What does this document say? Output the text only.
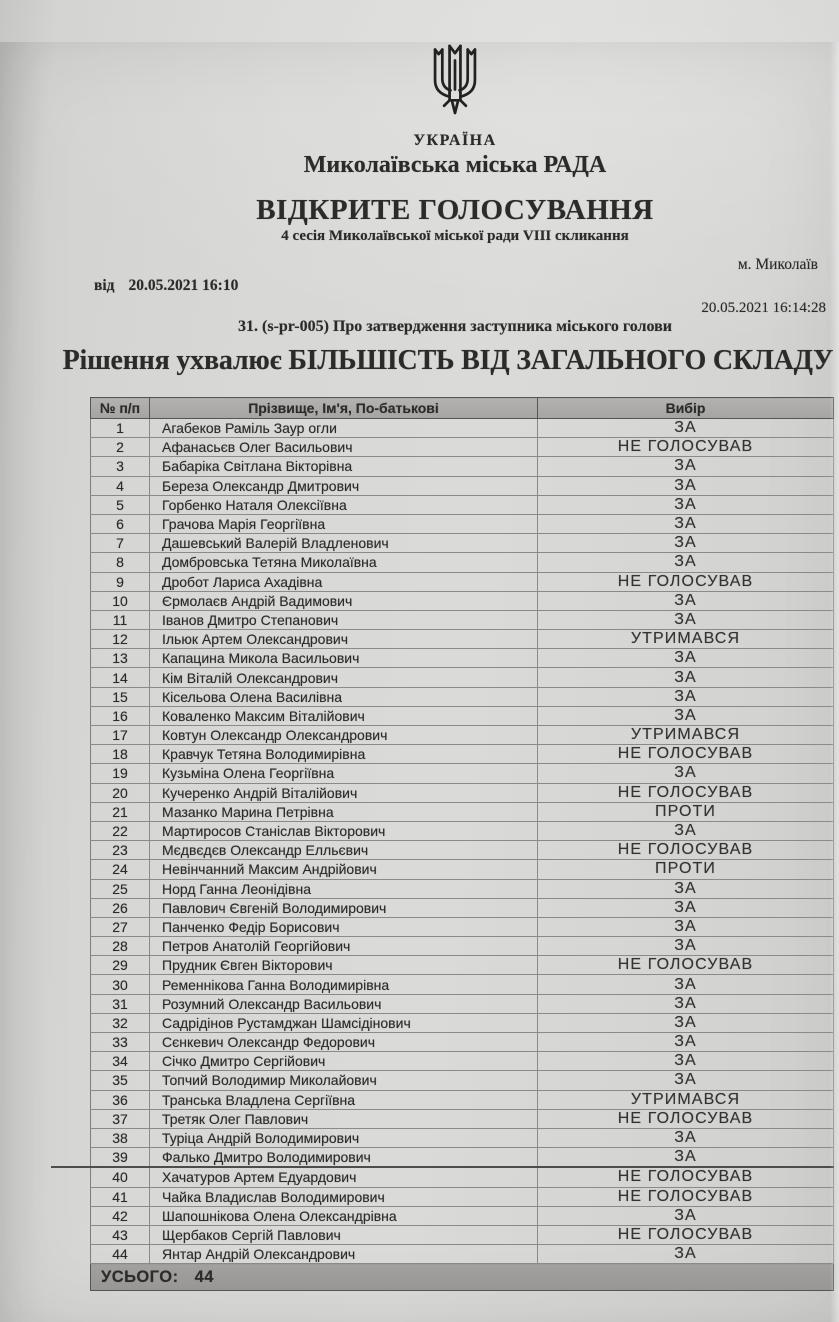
УКРАЇНА
Миколаївська міська РАДА
ВІДКРИТЕ ГОЛОСУВАННЯ
4 сесія Миколаївської міської ради VIII скликання
м. Миколаїв
від 20.05.2021 16:10
20.05.2021 16:14:28
31. (s-pr-005) Про затвердження заступника міського голови
Рішення ухвалює БІЛЬШІСТЬ ВІД ЗАГАЛЬНОГО СКЛАДУ
№ п/п	Прізвище, Ім'я, По-батькові	Вибір
1	Агабеков Раміль Заур огли	ЗА
2	Афанасьєв Олег Васильович	НЕ ГОЛОСУВАВ
3	Бабаріка Світлана Вікторівна	ЗА
4	Береза Олександр Дмитрович	ЗА
5	Горбенко Наталя Олексіївна	ЗА
6	Грачова Марія Георгіївна	ЗА
7	Дашевський Валерій Владленович	ЗА
8	Домбровська Тетяна Миколаївна	ЗА
9	Дробот Лариса Ахадівна	НЕ ГОЛОСУВАВ
10	Єрмолаєв Андрій Вадимович	ЗА
11	Іванов Дмитро Степанович	ЗА
12	Ільюк Артем Олександрович	УТРИМАВСЯ
13	Капацина Микола Васильович	ЗА
14	Кім Віталій Олександрович	ЗА
15	Кісельова Олена Василівна	ЗА
16	Коваленко Максим Віталійович	ЗА
17	Ковтун Олександр Олександрович	УТРИМАВСЯ
18	Кравчук Тетяна Володимирівна	НЕ ГОЛОСУВАВ
19	Кузьміна Олена Георгіївна	ЗА
20	Кучеренко Андрій Віталійович	НЕ ГОЛОСУВАВ
21	Мазанко Марина Петрівна	ПРОТИ
22	Мартиросов Станіслав Вікторович	ЗА
23	Мєдвєдєв Олександр Елльєвич	НЕ ГОЛОСУВАВ
24	Невінчанний Максим Андрійович	ПРОТИ
25	Норд Ганна Леонідівна	ЗА
26	Павлович Євгеній Володимирович	ЗА
27	Панченко Федір Борисович	ЗА
28	Петров Анатолій Георгійович	ЗА
29	Прудник Євген Вікторович	НЕ ГОЛОСУВАВ
30	Ременнікова Ганна Володимирівна	ЗА
31	Розумний Олександр Васильович	ЗА
32	Садрідінов Рустамджан Шамсідінович	ЗА
33	Сєнкевич Олександр Федорович	ЗА
34	Січко Дмитро Сергійович	ЗА
35	Топчий Володимир Миколайович	ЗА
36	Транська Владлена Сергіївна	УТРИМАВСЯ
37	Третяк Олег Павлович	НЕ ГОЛОСУВАВ
38	Туріца Андрій Володимирович	ЗА
39	Фалько Дмитро Володимирович	ЗА
40	Хачатуров Артем Едуардович	НЕ ГОЛОСУВАВ
41	Чайка Владислав Володимирович	НЕ ГОЛОСУВАВ
42	Шапошнікова Олена Олександрівна	ЗА
43	Щербаков Сергій Павлович	НЕ ГОЛОСУВАВ
44	Янтар Андрій Олександрович	ЗА
УСЬОГО: 44		
